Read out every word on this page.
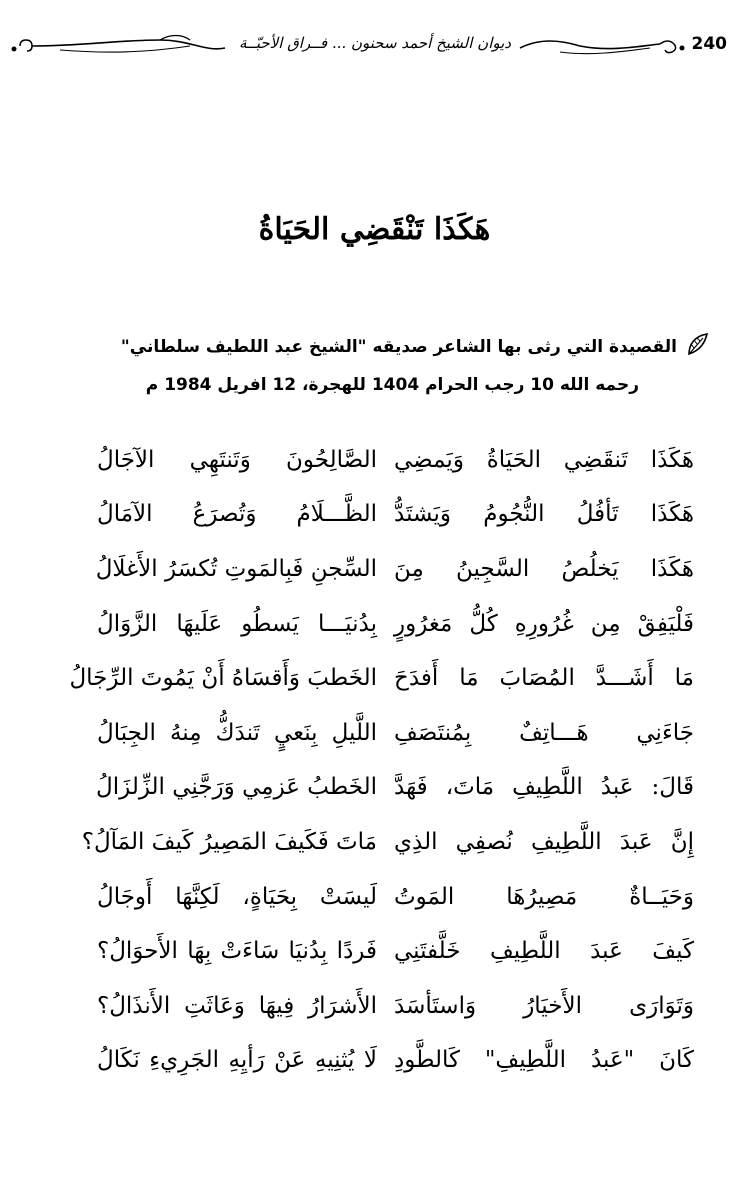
ديوان الشيخ أحمد سحنون ... فــراق الأحبّــة	240
هَكَذَا تَنْقَضِي الحَيَاةُ
القصيدة التي رثى بها الشاعر صديقه "الشيخ عبد اللطيف سلطاني"
رحمه الله 10 رجب الحرام 1404 للهجرة، 12 افريل 1984 م
هَكَذَا تَنقَضِي الحَيَاةُ وَيَمضِي
الصَّالِحُونَ وَتَنتَهِي الآجَالُ
هَكَذَا تَأفُلُ النُّجُومُ وَيَشتَدُّ
الظَّـــلَامُ وَتُصرَعُ الآمَالُ
هَكَذَا يَخلُصُ السَّجِينُ مِنَ
السِّجنِ فَبِالمَوتِ تُكسَرُ الأَغلَالُ
فَلْيَفِقْ مِن غُرُورِهِ كُلُّ مَغرُورٍ
بِدُنيَـــا يَسطُو عَلَيهَا الزَّوَالُ
مَا أَشَـــدَّ المُصَابَ مَا أَفدَحَ
الخَطبَ وَأَقسَاهُ أَنْ يَمُوتَ الرِّجَالُ
جَاءَنِي هَـــاتِفٌ بِمُنتَصَفِ
اللَّيلِ بِنَعيٍ تَندَكُّ مِنهُ الجِبَالُ
قَالَ: عَبدُ اللَّطِيفِ مَاتَ، فَهَدَّ
الخَطبُ عَزمِي وَرَجَّنِي الزِّلزَالُ
إِنَّ عَبدَ اللَّطِيفِ نُصفِي الذِي
مَاتَ فَكَيفَ المَصِيرُ كَيفَ المَآلُ؟
وَحَيَــاةٌ مَصِيرُهَا المَوتُ
لَيسَتْ بِحَيَاةٍ، لَكِنَّهَا أَوجَالُ
كَيفَ عَبدَ اللَّطِيفِ خَلَّفتَنِي
فَردًا بِدُنيَا سَاءَتْ بِهَا الأَحوَالُ؟
وَتَوَارَى الأَخيَارُ وَاستَأسَدَ
الأَشرَارُ فِيهَا وَعَاثَتِ الأَنذَالُ؟
كَانَ "عَبدُ اللَّطِيفِ" كَالطَّودِ
لَا يُثنِيهِ عَنْ رَأيِهِ الجَرِيءِ نَكَالُ
